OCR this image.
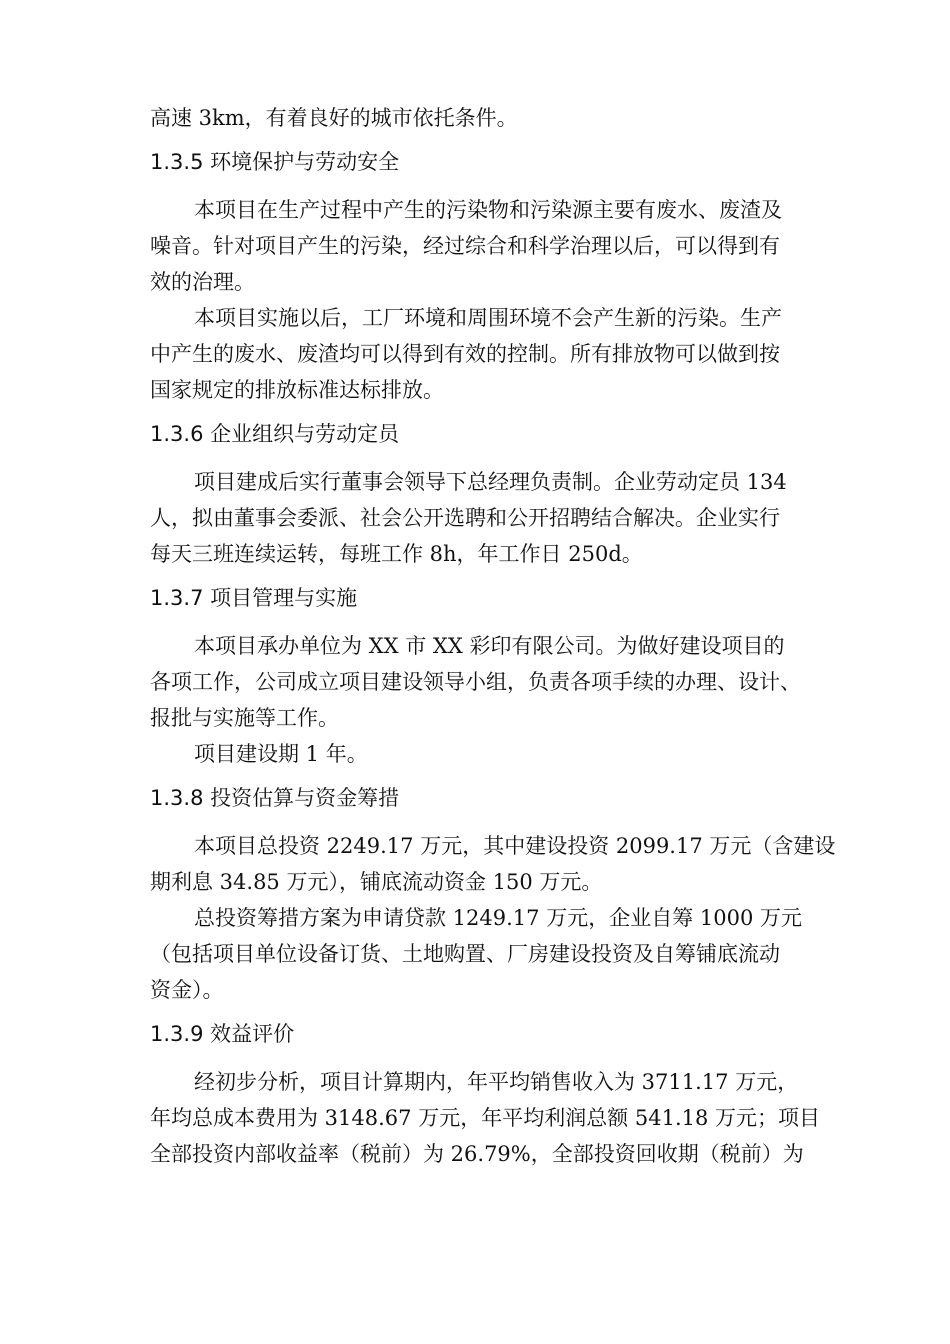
高速 3km，有着良好的城市依托条件。
1.3.5 环境保护与劳动安全
本项目在生产过程中产生的污染物和污染源主要有废水、废渣及
噪音。针对项目产生的污染，经过综合和科学治理以后，可以得到有
效的治理。
本项目实施以后，工厂环境和周围环境不会产生新的污染。生产
中产生的废水、废渣均可以得到有效的控制。所有排放物可以做到按
国家规定的排放标准达标排放。
1.3.6 企业组织与劳动定员
项目建成后实行董事会领导下总经理负责制。企业劳动定员 134
人，拟由董事会委派、社会公开选聘和公开招聘结合解决。企业实行
每天三班连续运转，每班工作 8h，年工作日 250d。
1.3.7 项目管理与实施
本项目承办单位为 XX 市 XX 彩印有限公司。为做好建设项目的
各项工作，公司成立项目建设领导小组，负责各项手续的办理、设计、
报批与实施等工作。
项目建设期 1 年。
1.3.8 投资估算与资金筹措
本项目总投资 2249.17 万元，其中建设投资 2099.17 万元（含建设
期利息 34.85 万元），铺底流动资金 150 万元。
总投资筹措方案为申请贷款 1249.17 万元，企业自筹 1000 万元
（包括项目单位设备订货、土地购置、厂房建设投资及自筹铺底流动
资金）。
1.3.9 效益评价
经初步分析，项目计算期内，年平均销售收入为 3711.17 万元，
年均总成本费用为 3148.67 万元，年平均利润总额 541.18 万元；项目
全部投资内部收益率（税前）为 26.79%，全部投资回收期（税前）为
